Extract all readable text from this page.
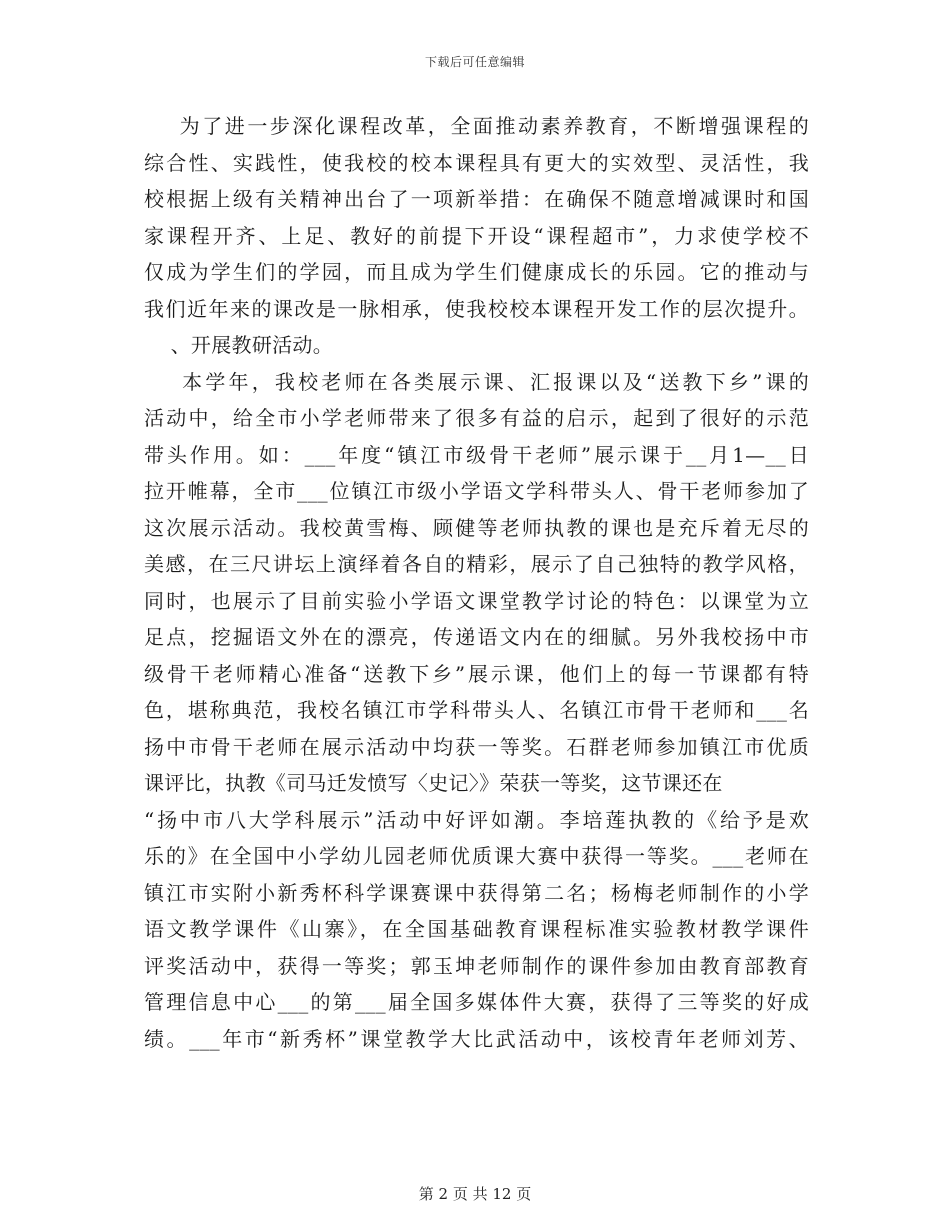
下载后可任意编辑
为了进一步深化课程改革，全面推动素养教育，不断增强课程的
综合性、实践性，使我校的校本课程具有更大的实效型、灵活性，我
校根据上级有关精神出台了一项新举措：在确保不随意增减课时和国
家课程开齐、上足、教好的前提下开设“课程超市”，力求使学校不
仅成为学生们的学园，而且成为学生们健康成长的乐园。它的推动与
我们近年来的课改是一脉相承，使我校校本课程开发工作的层次提升。
、开展教研活动。
本学年，我校老师在各类展示课、汇报课以及“送教下乡”课的
活动中，给全市小学老师带来了很多有益的启示，起到了很好的示范
带头作用。如：___年度“镇江市级骨干老师”展示课于__月1—__日
拉开帷幕，全市___位镇江市级小学语文学科带头人、骨干老师参加了
这次展示活动。我校黄雪梅、顾健等老师执教的课也是充斥着无尽的
美感，在三尺讲坛上演绎着各自的精彩，展示了自己独特的教学风格，
同时，也展示了目前实验小学语文课堂教学讨论的特色：以课堂为立
足点，挖掘语文外在的漂亮，传递语文内在的细腻。另外我校扬中市
级骨干老师精心准备“送教下乡”展示课，他们上的每一节课都有特
色，堪称典范，我校名镇江市学科带头人、名镇江市骨干老师和___名
扬中市骨干老师在展示活动中均获一等奖。石群老师参加镇江市优质
课评比，执教《司马迁发愤写〈史记〉》荣获一等奖，这节课还在
“扬中市八大学科展示”活动中好评如潮。李培莲执教的《给予是欢
乐的》在全国中小学幼儿园老师优质课大赛中获得一等奖。___老师在
镇江市实附小新秀杯科学课赛课中获得第二名；杨梅老师制作的小学
语文教学课件《山寨》，在全国基础教育课程标准实验教材教学课件
评奖活动中，获得一等奖；郭玉坤老师制作的课件参加由教育部教育
管理信息中心___的第___届全国多媒体件大赛，获得了三等奖的好成
绩。___年市“新秀杯”课堂教学大比武活动中，该校青年老师刘芳、
第 2 页 共 12 页
